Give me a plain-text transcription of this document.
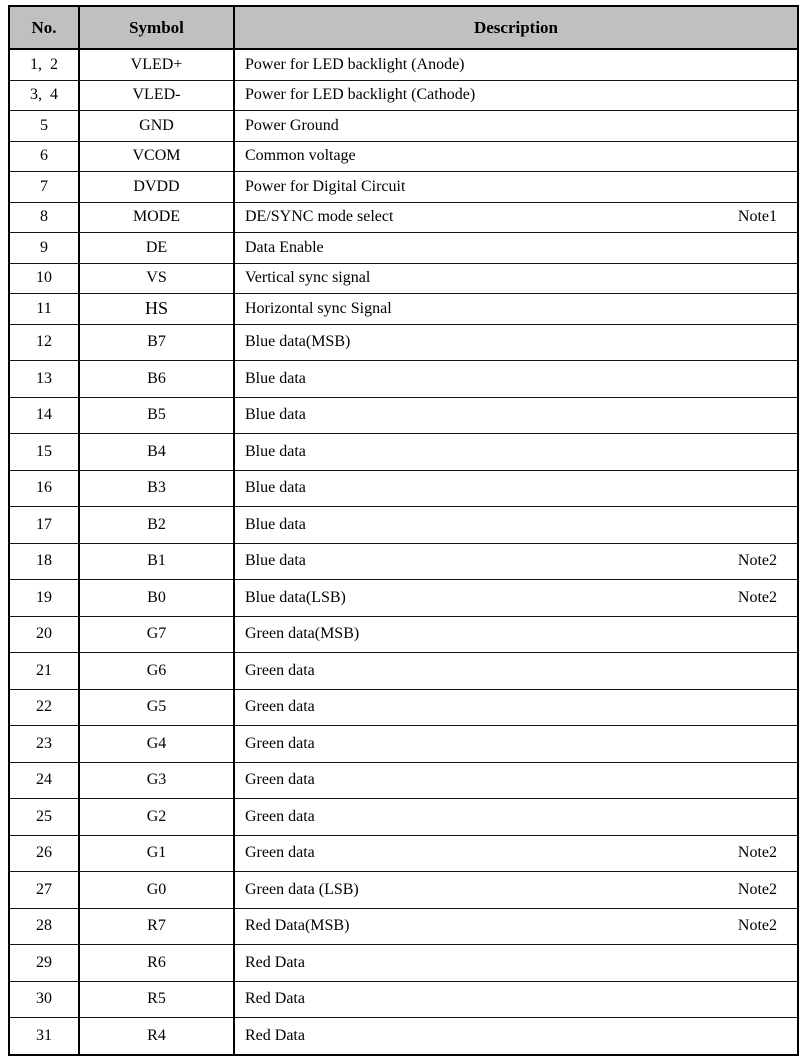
No.	Symbol	Description
1,  2	VLED+	Power for LED backlight (Anode)

3,  4	VLED-	Power for LED backlight (Cathode)

5	GND	Power Ground

6	VCOM	Common voltage

7	DVDD	Power for Digital Circuit

8	MODE	DE/SYNC mode select Note1

9	DE	Data Enable

10	VS	Vertical sync signal

11	HS	Horizontal sync Signal

12	B7	Blue data(MSB)

13	B6	Blue data

14	B5	Blue data

15	B4	Blue data

16	B3	Blue data

17	B2	Blue data

18	B1	Blue data Note2

19	B0	Blue data(LSB) Note2

20	G7	Green data(MSB)

21	G6	Green data

22	G5	Green data

23	G4	Green data

24	G3	Green data

25	G2	Green data

26	G1	Green data Note2

27	G0	Green data (LSB) Note2

28	R7	Red Data(MSB) Note2

29	R6	Red Data

30	R5	Red Data

31	R4	Red Data
